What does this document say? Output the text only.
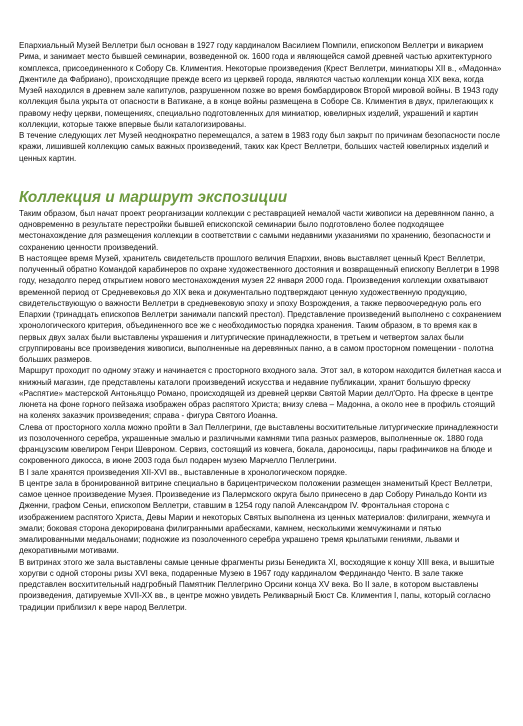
Епархиальный Музей Веллетри был основан в 1927 году кардиналом Василием Помпили, епископом Веллетри и викарием Рима, и занимает место бывшей семинарии, возведенной ок. 1600 года и являющейся самой древней частью архитектурного комплекса, присоединенного к Собору Св. Климентия. Некоторые произведения (Крест Веллетри, миниатюры XII в., «Мадонна» Джентиле да Фабриано), происходящие прежде всего из церквей города, являются частью коллекции конца XIX века, когда Музей находился в древнем зале капитулов, разрушенном позже во время бомбардировок Второй мировой войны. В 1943 году коллекция была укрыта от опасности в Ватикане, а в конце войны размещена в Соборе Св. Климентия в двух, прилегающих к правому нефу церкви, помещениях, специально подготовленных для миниатюр, ювелирных изделий, украшений и картин коллекции, которые также впервые были каталогизированы.

В течение следующих лет Музей неоднократно перемещался, а затем в 1983 году был закрыт по причинам безопасности после кражи, лишившей коллекцию самых важных произведений, таких как Крест Веллетри, больших частей ювелирных изделий и ценных картин.

Коллекция и маршрут экспозиции

Таким образом, был начат проект реорганизации коллекции с реставрацией немалой части живописи на деревянном панно, а одновременно в результате перестройки бывшей епископской семинарии было подготовлено более подходящее местонахождение для размещения коллекции в соответствии с самыми недавними указаниями по хранению, безопасности и сохранению ценности произведений.

В настоящее время Музей, хранитель свидетельств прошлого величия Епархии, вновь выставляет ценный Крест Веллетри, полученный обратно Командой карабинеров по охране художественного достояния и возвращенный епископу Веллетри в 1998 году, незадолго перед открытием нового местонахождения музея 22 января 2000 года. Произведения коллекции охватывают временной период от Средневековья до XIX века и документально подтверждают ценную художественную продукцию, свидетельствующую о важности Веллетри в средневековую эпоху и эпоху Возрождения, а также первоочередную роль его Епархии (тринадцать епископов Веллетри занимали папский престол). Представление произведений выполнено с сохранением хронологического критерия, объединенного все же с необходимостью порядка хранения. Таким образом, в то время как в первых двух залах были выставлены украшения и литургические принадлежности, в третьем и четвертом залах были сгруппированы все произведения живописи, выполненные на деревянных панно, а в самом просторном помещении - полотна больших размеров.

Маршрут проходит по одному этажу и начинается с просторного входного зала. Этот зал, в котором находится билетная касса и книжный магазин, где представлены каталоги произведений искусства и недавние публикации, хранит большую фреску «Распятие» мастерской Антоньяццо Романо, происходящей из древней церкви Святой Марии делл'Орто. На фреске в центре люнета на фоне горного пейзажа изображен образ распятого Христа; внизу слева – Мадонна, а около нее в профиль стоящий на коленях заказчик произведения; справа - фигура Святого Иоанна.

Слева от просторного холла можно пройти в Зал Пеллегрини, где выставлены восхитительные литургические принадлежности из позолоченного серебра, украшенные эмалью и различными камнями типа разных размеров, выполненные ок. 1880 года французским ювелиром Генри Шевроном. Сервиз, состоящий из ковчега, бокала, дароносицы, пары графинчиков на блюде и сокровенного дикосса, в июне 2003 года был подарен музею Марчелло Пеллегрини.

В I зале хранятся произведения XII-XVI вв., выставленные в хронологическом порядке.

В центре зала в бронированной витрине специально в барицентрическом положении размещен знаменитый Крест Веллетри, самое ценное произведение Музея. Произведение из Палермского округа было принесено в дар Собору Ринальдо Конти из Дженни, графом Сеньи, епископом Веллетри, ставшим в 1254 году папой Александром IV. Фронтальная сторона с изображением распятого Христа, Девы Марии и некоторых Святых выполнена из ценных материалов: филиграни, жемчуга и эмали; боковая сторона декорирована филигранными арабесками, камнем, несколькими жемчужинами и пятью эмалированными медальонами; подножие из позолоченного серебра украшено тремя крылатыми гениями, львами и декоративными мотивами.

В витринах этого же зала выставлены самые ценные фрагменты ризы Бенедикта XI, восходящие к концу XIII века, и вышитые хоругви с одной стороны ризы XVI века, подаренные Музею в 1967 году кардиналом Фердинандо Ченто. В зале также представлен восхитительный надгробный Памятник Пеллегрино Орсини конца XV века. Во II зале, в котором выставлены произведения, датируемые XVII-XX вв., в центре можно увидеть Реликварный Бюст Св. Климентия I, папы, который согласно традиции приблизил к вере народ Веллетри.
